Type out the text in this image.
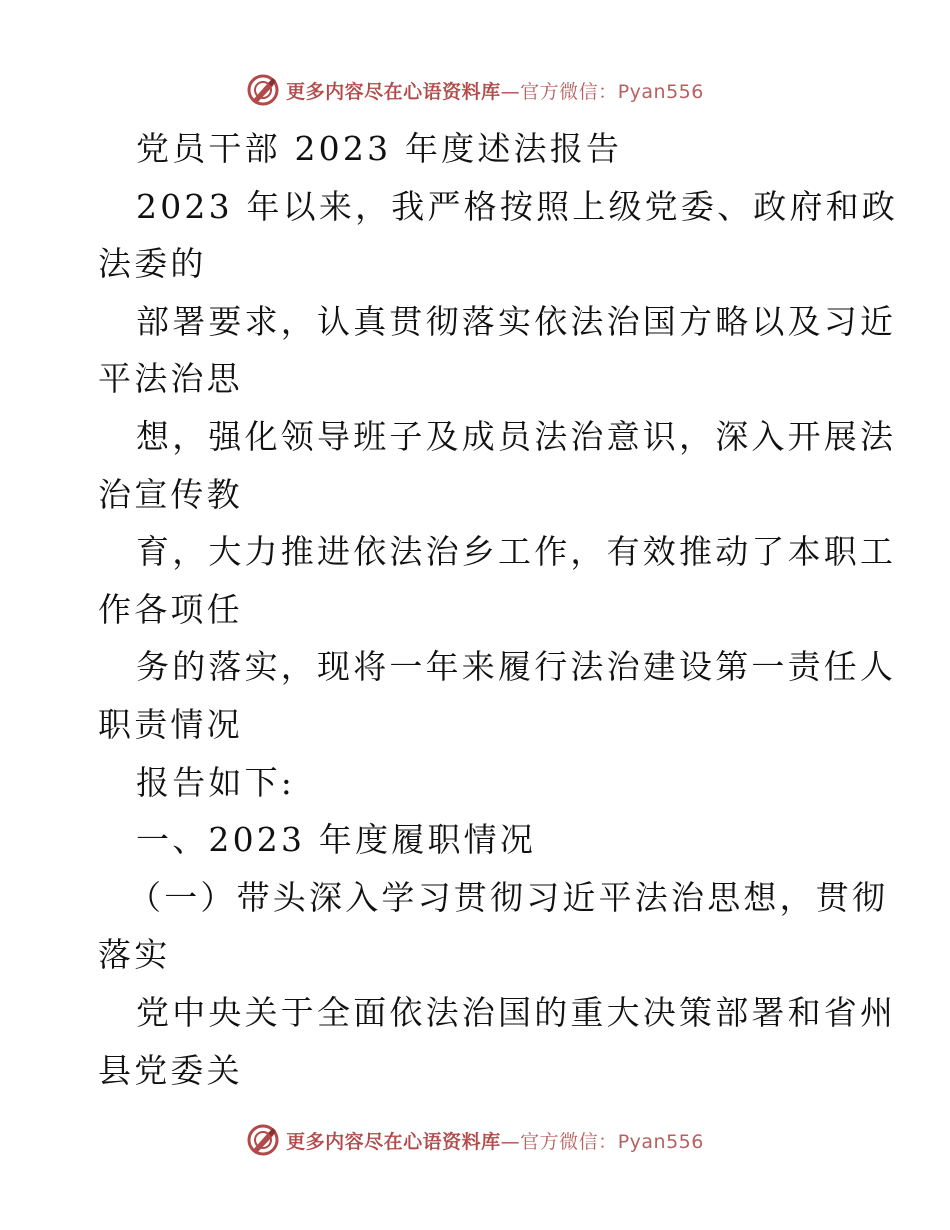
更多内容尽在心语资料库—官方微信：Pyan556
党员干部 2023 年度述法报告
2023 年以来，我严格按照上级党委、政府和政
法委的
部署要求，认真贯彻落实依法治国方略以及习近
平法治思
想，强化领导班子及成员法治意识，深入开展法
治宣传教
育，大力推进依法治乡工作，有效推动了本职工
作各项任
务的落实，现将一年来履行法治建设第一责任人
职责情况
报告如下:
一、2023 年度履职情况
（一）带头深入学习贯彻习近平法治思想，贯彻
落实
党中央关于全面依法治国的重大决策部署和省州
县党委关
更多内容尽在心语资料库—官方微信：Pyan556
